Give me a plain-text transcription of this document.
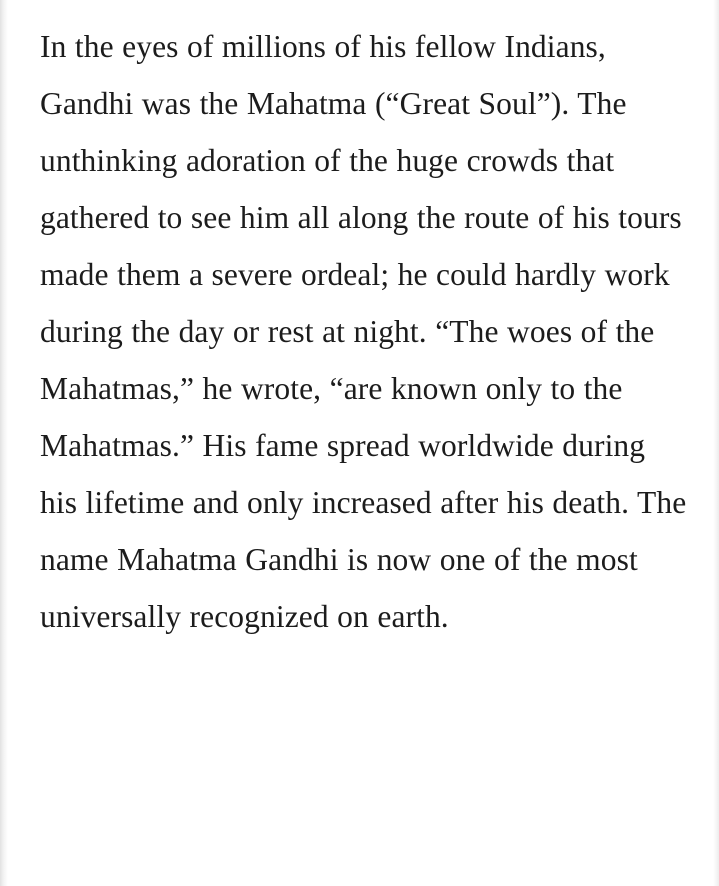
In the eyes of millions of his fellow Indians, Gandhi was the Mahatma (“Great Soul”). The unthinking adoration of the huge crowds that gathered to see him all along the route of his tours made them a severe ordeal; he could hardly work during the day or rest at night. “The woes of the Mahatmas,” he wrote, “are known only to the Mahatmas.” His fame spread worldwide during his lifetime and only increased after his death. The name Mahatma Gandhi is now one of the most universally recognized on earth.
